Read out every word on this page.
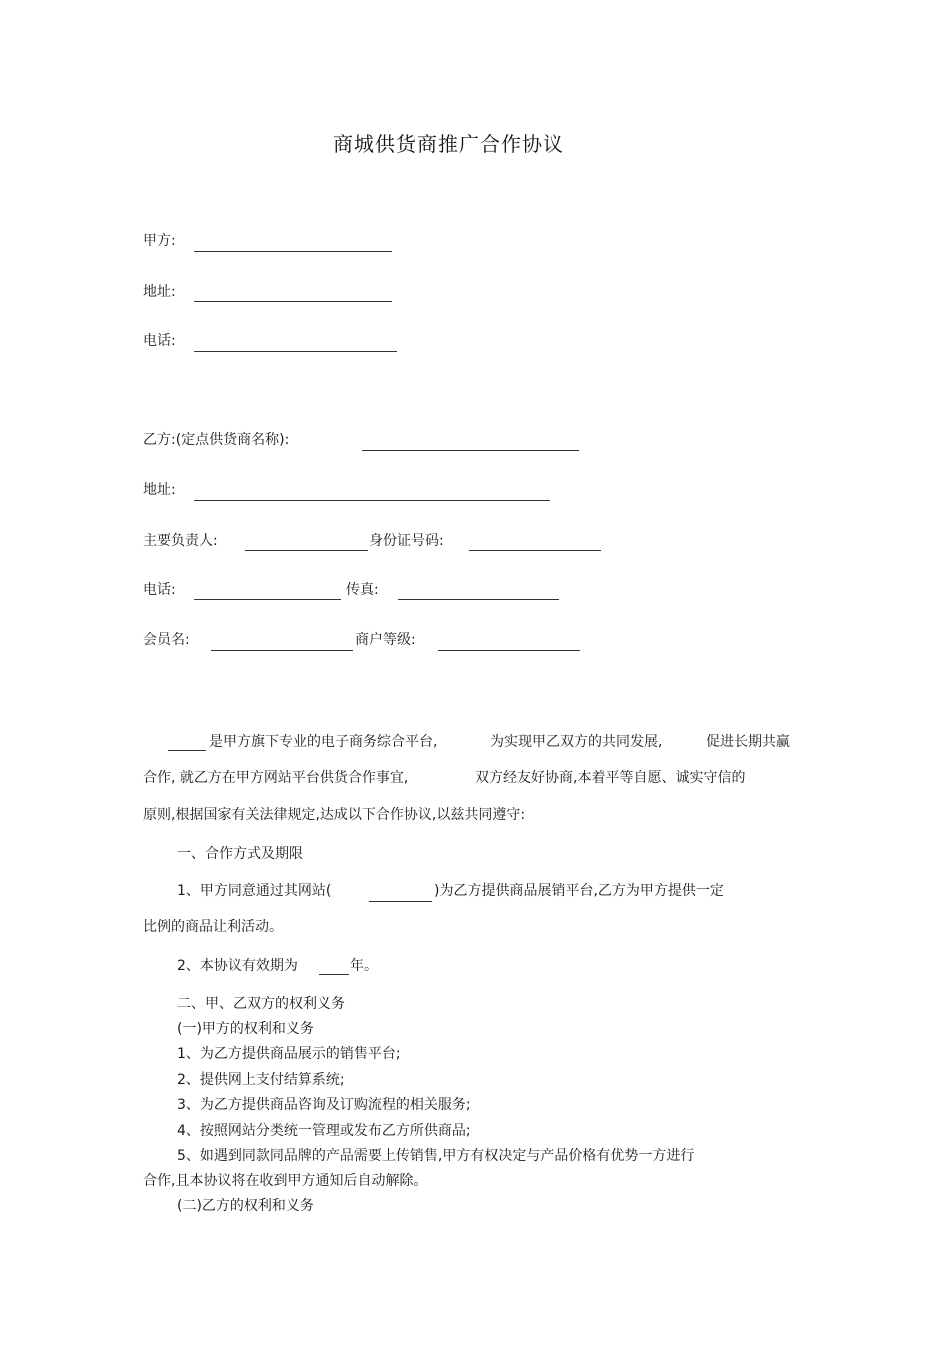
商城供货商推广合作协议
甲方:
地址:
电话:
乙方:(定点供货商名称):
地址:
主要负责人:	身份证号码:
电话:	传真:
会员名:	商户等级:
是甲方旗下专业的电子商务综合平台,	为实现甲乙双方的共同发展,	促进长期共赢
合作, 就乙方在甲方网站平台供货合作事宜,	双方经友好协商,本着平等自愿、诚实守信的
原则,根据国家有关法律规定,达成以下合作协议,以兹共同遵守:
一、合作方式及期限
1、甲方同意通过其网站(	)为乙方提供商品展销平台,乙方为甲方提供一定
比例的商品让利活动。
2、本协议有效期为	年。
二、甲、乙双方的权利义务
(一)甲方的权利和义务
1、为乙方提供商品展示的销售平台;
2、提供网上支付结算系统;
3、为乙方提供商品咨询及订购流程的相关服务;
4、按照网站分类统一管理或发布乙方所供商品;
5、如遇到同款同品牌的产品需要上传销售,甲方有权决定与产品价格有优势一方进行
合作,且本协议将在收到甲方通知后自动解除。
(二)乙方的权利和义务
